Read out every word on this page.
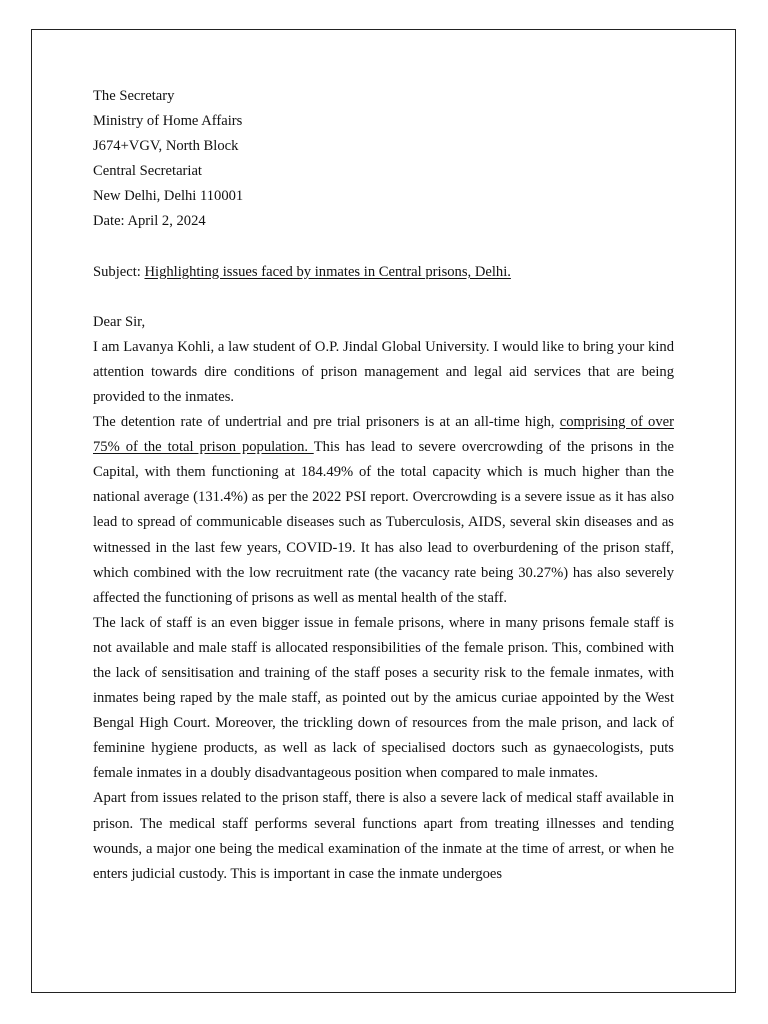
The Secretary
Ministry of Home Affairs
J674+VGV, North Block
Central Secretariat
New Delhi, Delhi 110001
Date: April 2, 2024
Subject: Highlighting issues faced by inmates in Central prisons, Delhi.
Dear Sir,

I am Lavanya Kohli, a law student of O.P. Jindal Global University. I would like to bring your kind attention towards dire conditions of prison management and legal aid services that are being provided to the inmates.

The detention rate of undertrial and pre trial prisoners is at an all-time high, comprising of over 75% of the total prison population. This has lead to severe overcrowding of the prisons in the Capital, with them functioning at 184.49% of the total capacity which is much higher than the national average (131.4%) as per the 2022 PSI report. Overcrowding is a severe issue as it has also lead to spread of communicable diseases such as Tuberculosis, AIDS, several skin diseases and as witnessed in the last few years, COVID-19. It has also lead to overburdening of the prison staff, which combined with the low recruitment rate (the vacancy rate being 30.27%) has also severely affected the functioning of prisons as well as mental health of the staff.

The lack of staff is an even bigger issue in female prisons, where in many prisons female staff is not available and male staff is allocated responsibilities of the female prison. This, combined with the lack of sensitisation and training of the staff poses a security risk to the female inmates, with inmates being raped by the male staff, as pointed out by the amicus curiae appointed by the West Bengal High Court. Moreover, the trickling down of resources from the male prison, and lack of feminine hygiene products, as well as lack of specialised doctors such as gynaecologists, puts female inmates in a doubly disadvantageous position when compared to male inmates.

Apart from issues related to the prison staff, there is also a severe lack of medical staff available in prison. The medical staff performs several functions apart from treating illnesses and tending wounds, a major one being the medical examination of the inmate at the time of arrest, or when he enters judicial custody. This is important in case the inmate undergoes
